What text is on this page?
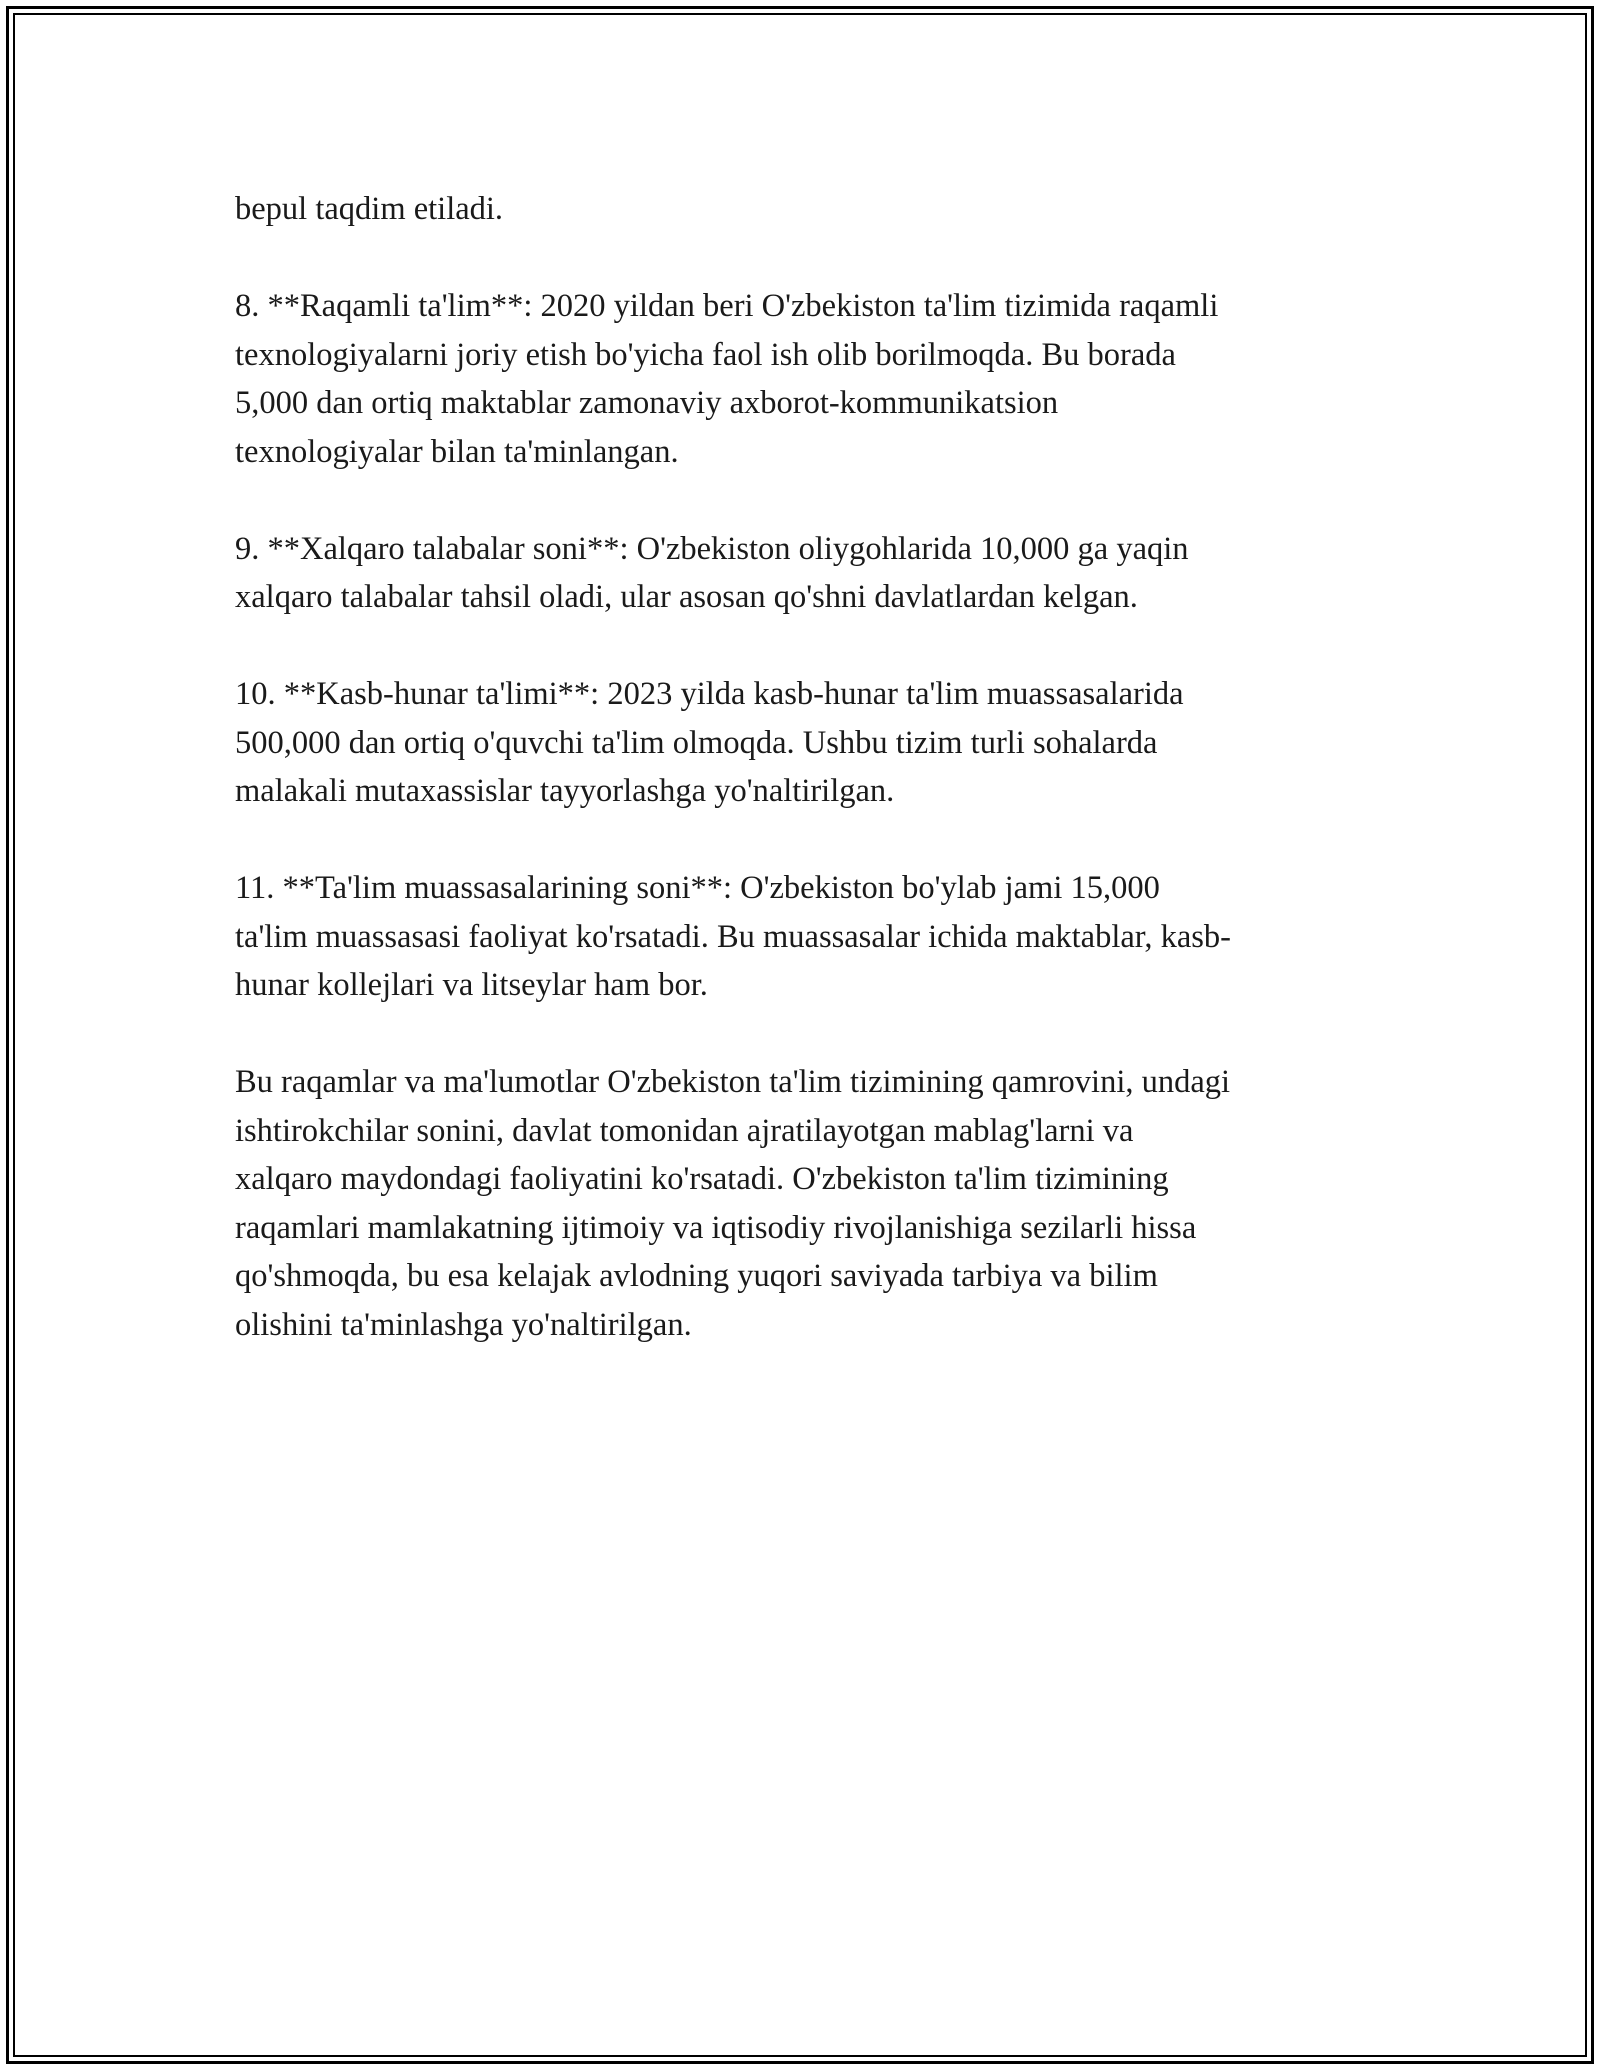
bepul taqdim etiladi.

8. **Raqamli ta'lim**: 2020 yildan beri O'zbekiston ta'lim tizimida raqamli
texnologiyalarni joriy etish bo'yicha faol ish olib borilmoqda. Bu borada
5,000 dan ortiq maktablar zamonaviy axborot-kommunikatsion
texnologiyalar bilan ta'minlangan.

9. **Xalqaro talabalar soni**: O'zbekiston oliygohlarida 10,000 ga yaqin
xalqaro talabalar tahsil oladi, ular asosan qo'shni davlatlardan kelgan.

10. **Kasb-hunar ta'limi**: 2023 yilda kasb-hunar ta'lim muassasalarida
500,000 dan ortiq o'quvchi ta'lim olmoqda. Ushbu tizim turli sohalarda
malakali mutaxassislar tayyorlashga yo'naltirilgan.

11. **Ta'lim muassasalarining soni**: O'zbekiston bo'ylab jami 15,000
ta'lim muassasasi faoliyat ko'rsatadi. Bu muassasalar ichida maktablar, kasb-
hunar kollejlari va litseylar ham bor.

Bu raqamlar va ma'lumotlar O'zbekiston ta'lim tizimining qamrovini, undagi
ishtirokchilar sonini, davlat tomonidan ajratilayotgan mablag'larni va
xalqaro maydondagi faoliyatini ko'rsatadi. O'zbekiston ta'lim tizimining
raqamlari mamlakatning ijtimoiy va iqtisodiy rivojlanishiga sezilarli hissa
qo'shmoqda, bu esa kelajak avlodning yuqori saviyada tarbiya va bilim
olishini ta'minlashga yo'naltirilgan.
